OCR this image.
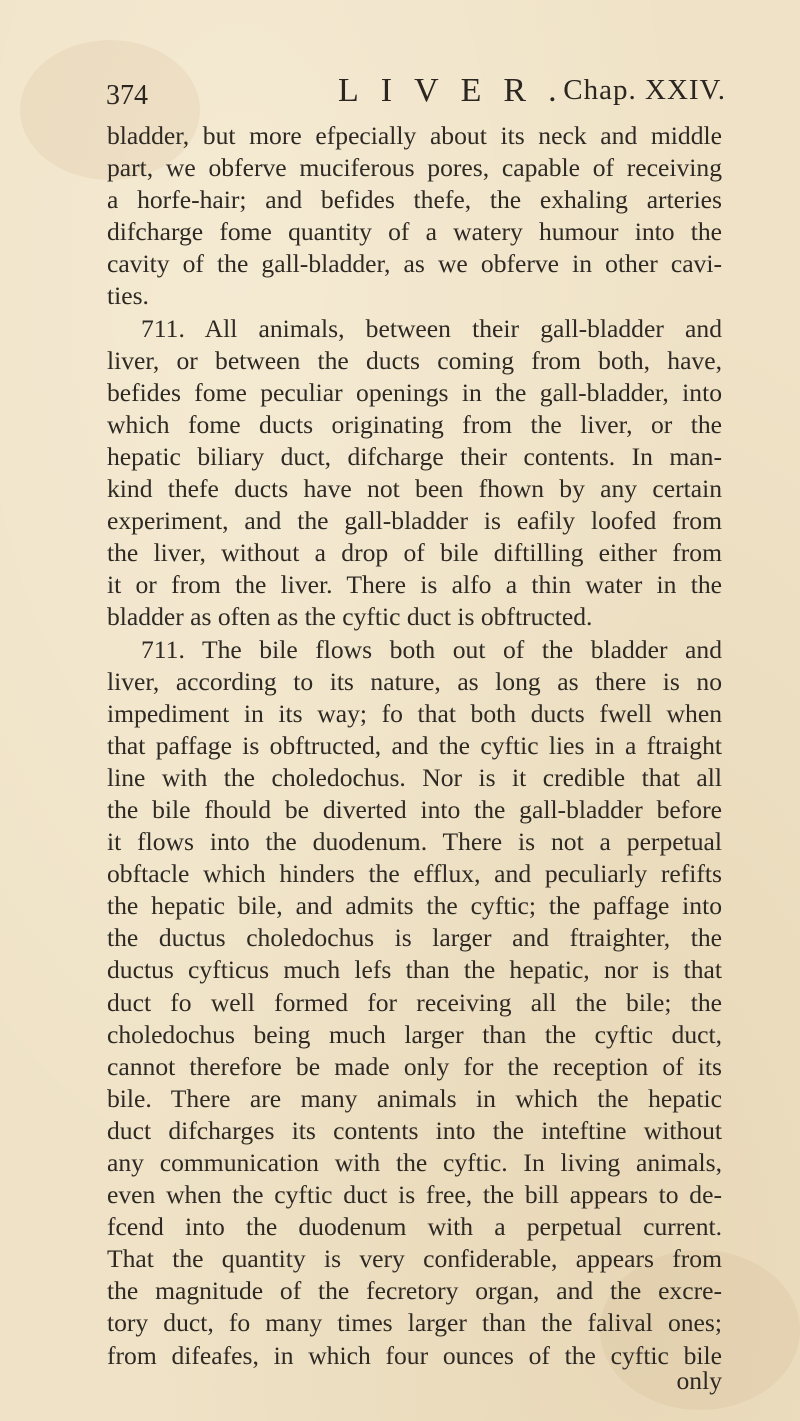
374	LIVER.
Chap. XXIV.
bladder, but more efpecially about its neck and middle
part, we obferve muciferous pores, capable of receiving
a horfe-hair; and befides thefe, the exhaling arteries
difcharge fome quantity of a watery humour into the
cavity of the gall-bladder, as we obferve in other cavi-
ties.
711. All animals, between their gall-bladder and
liver, or between the ducts coming from both, have,
befides fome peculiar openings in the gall-bladder, into
which fome ducts originating from the liver, or the
hepatic biliary duct, difcharge their contents. In man-
kind thefe ducts have not been fhown by any certain
experiment, and the gall-bladder is eafily loofed from
the liver, without a drop of bile diftilling either from
it or from the liver. There is alfo a thin water in the
bladder as often as the cyftic duct is obftructed.
711. The bile flows both out of the bladder and
liver, according to its nature, as long as there is no
impediment in its way; fo that both ducts fwell when
that paffage is obftructed, and the cyftic lies in a ftraight
line with the choledochus. Nor is it credible that all
the bile fhould be diverted into the gall-bladder before
it flows into the duodenum. There is not a perpetual
obftacle which hinders the efflux, and peculiarly refifts
the hepatic bile, and admits the cyftic; the paffage into
the ductus choledochus is larger and ftraighter, the
ductus cyfticus much lefs than the hepatic, nor is that
duct fo well formed for receiving all the bile; the
choledochus being much larger than the cyftic duct,
cannot therefore be made only for the reception of its
bile. There are many animals in which the hepatic
duct difcharges its contents into the inteftine without
any communication with the cyftic. In living animals,
even when the cyftic duct is free, the bill appears to de-
fcend into the duodenum with a perpetual current.
That the quantity is very confiderable, appears from
the magnitude of the fecretory organ, and the excre-
tory duct, fo many times larger than the falival ones;
from difeafes, in which four ounces of the cyftic bile
only
